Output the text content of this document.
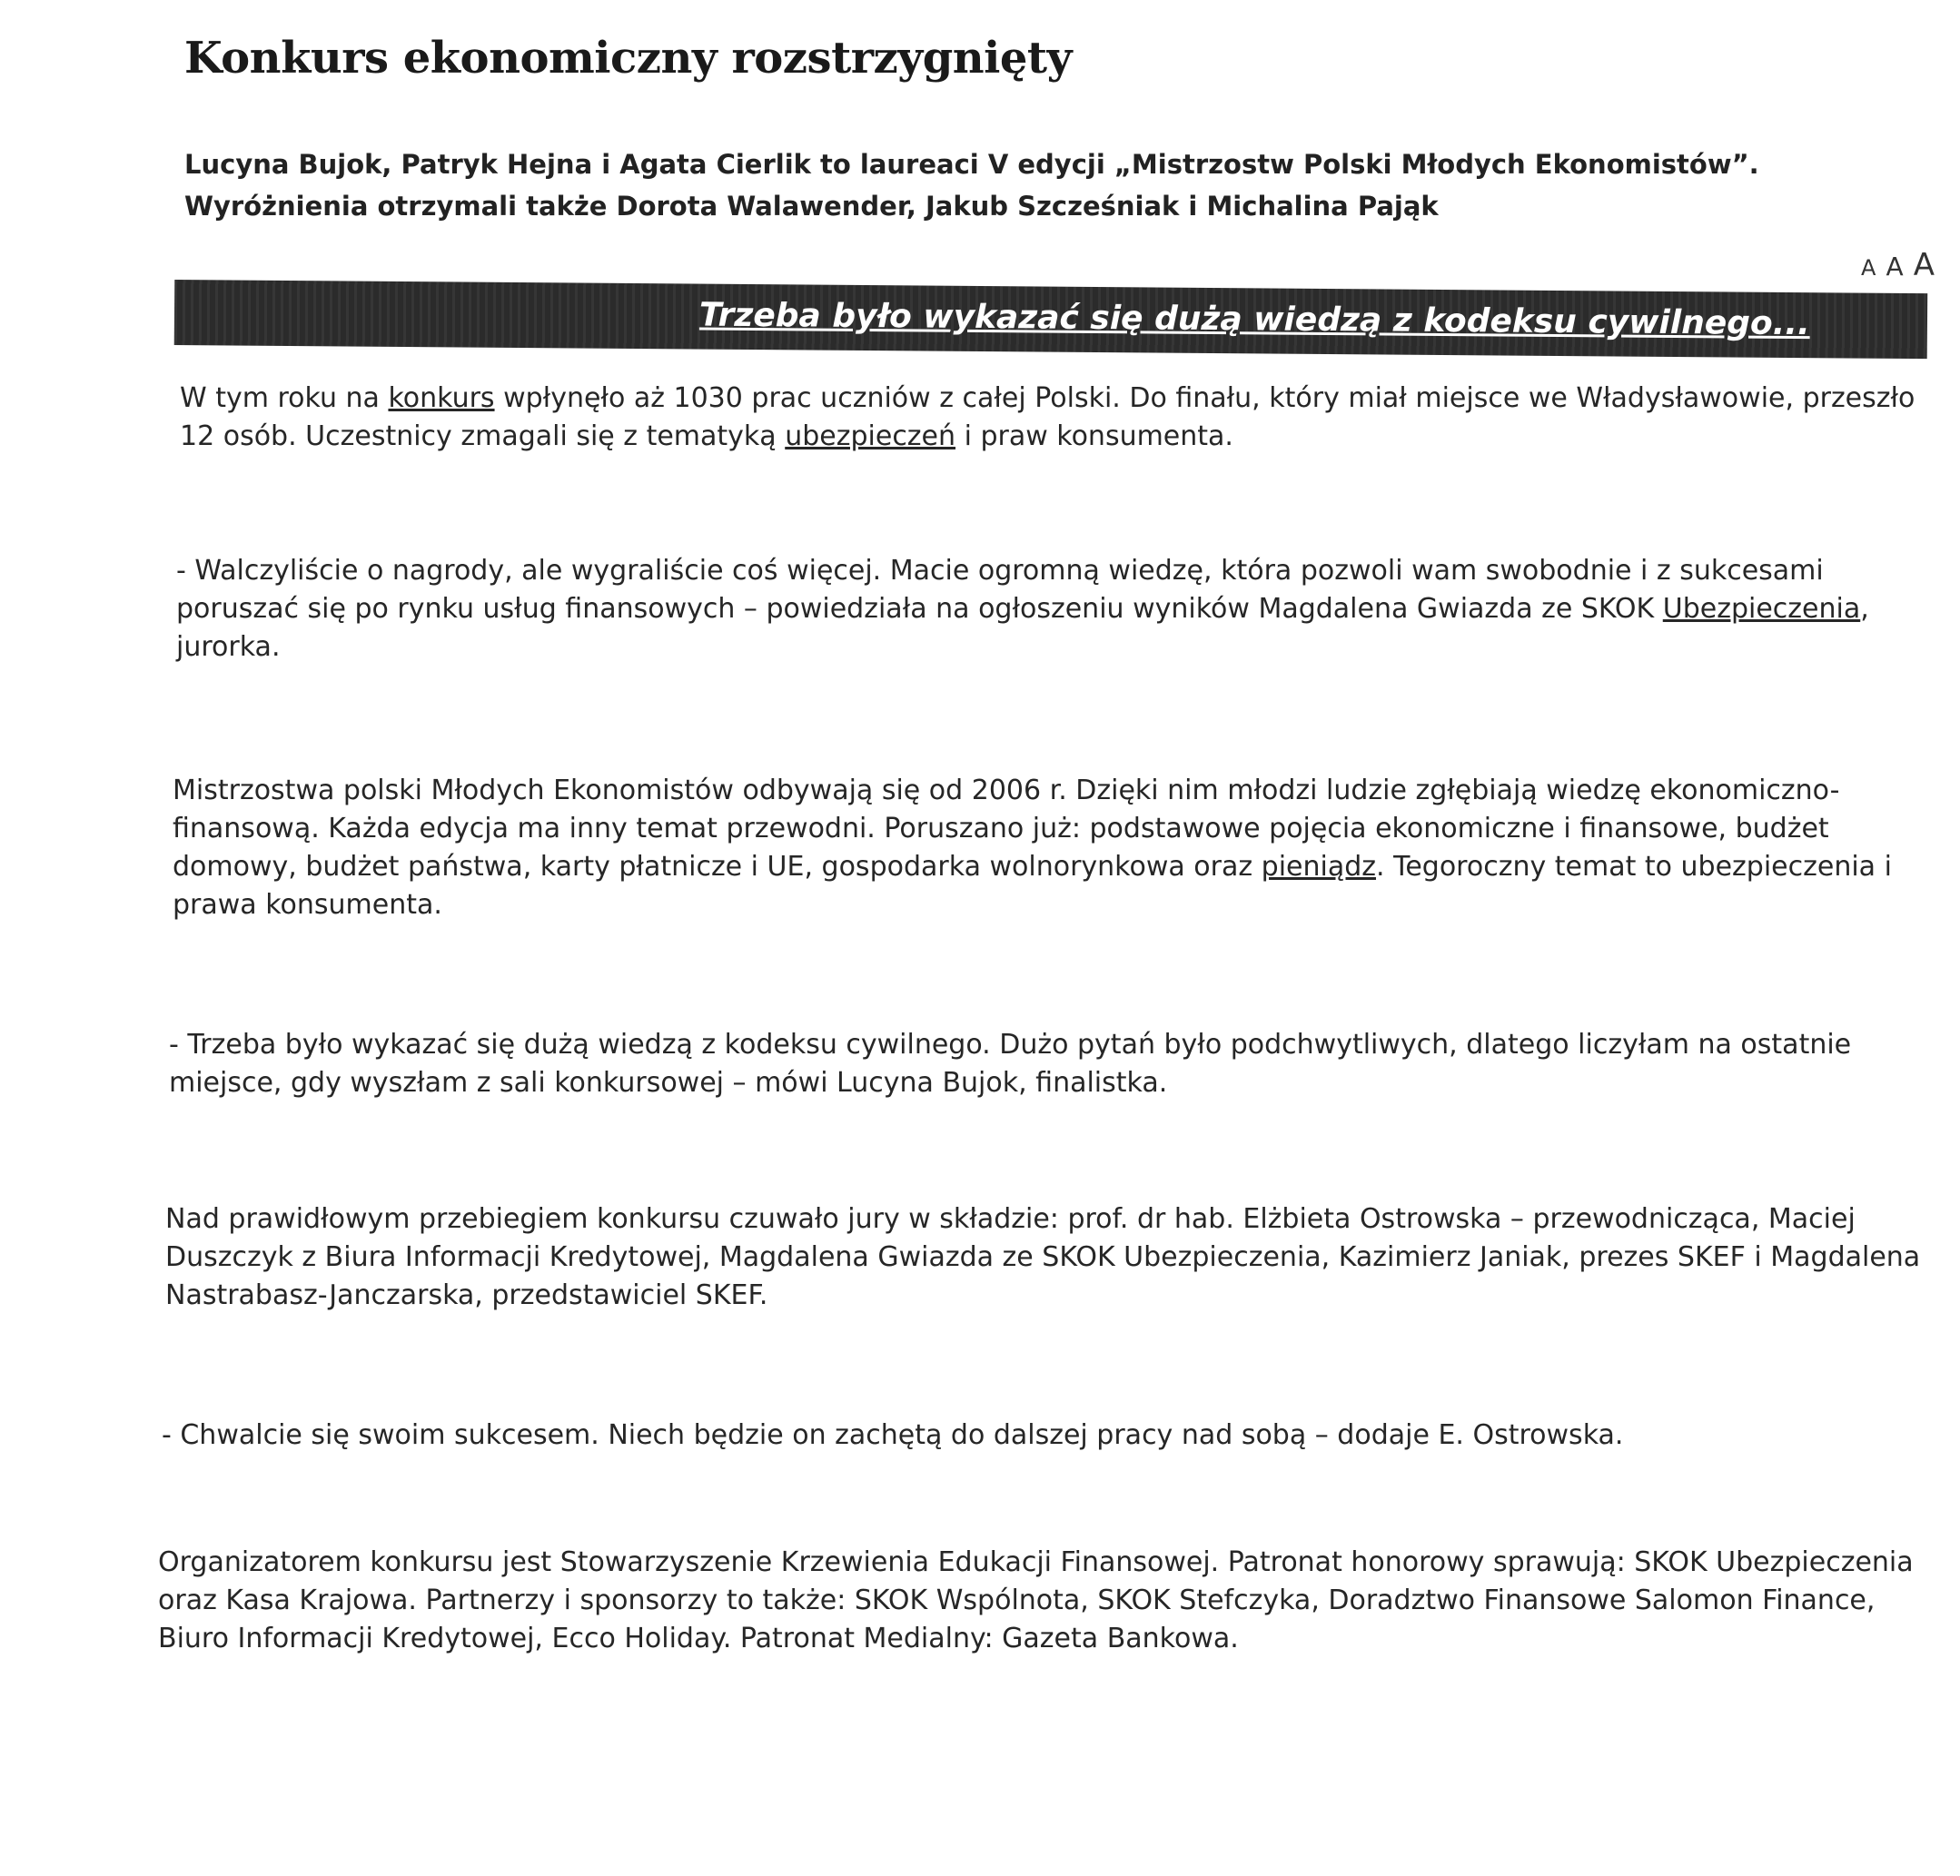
Konkurs ekonomiczny rozstrzygnięty

Lucyna Bujok, Patryk Hejna i Agata Cierlik to laureaci V edycji „Mistrzostw Polski Młodych Ekonomistów”. Wyróżnienia otrzymali także Dorota Walawender, Jakub Szcześniak i Michalina Pająk

A A A
Trzeba było wykazać się dużą wiedzą z kodeksu cywilnego...

W tym roku na konkurs wpłynęło aż 1030 prac uczniów z całej Polski. Do finału, który miał miejsce we Władysławowie, przeszło 12 osób. Uczestnicy zmagali się z tematyką ubezpieczeń i praw konsumenta.

- Walczyliście o nagrody, ale wygraliście coś więcej. Macie ogromną wiedzę, która pozwoli wam swobodnie i z sukcesami poruszać się po rynku usług finansowych – powiedziała na ogłoszeniu wyników Magdalena Gwiazda ze SKOK Ubezpieczenia, jurorka.

Mistrzostwa polski Młodych Ekonomistów odbywają się od 2006 r. Dzięki nim młodzi ludzie zgłębiają wiedzę ekonomiczno-finansową. Każda edycja ma inny temat przewodni. Poruszano już: podstawowe pojęcia ekonomiczne i finansowe, budżet domowy, budżet państwa, karty płatnicze i UE, gospodarka wolnorynkowa oraz pieniądz. Tegoroczny temat to ubezpieczenia i prawa konsumenta.

- Trzeba było wykazać się dużą wiedzą z kodeksu cywilnego. Dużo pytań było podchwytliwych, dlatego liczyłam na ostatnie miejsce, gdy wyszłam z sali konkursowej – mówi Lucyna Bujok, finalistka.

Nad prawidłowym przebiegiem konkursu czuwało jury w składzie: prof. dr hab. Elżbieta Ostrowska – przewodnicząca, Maciej Duszczyk z Biura Informacji Kredytowej, Magdalena Gwiazda ze SKOK Ubezpieczenia, Kazimierz Janiak, prezes SKEF i Magdalena Nastrabasz-Janczarska, przedstawiciel SKEF.

- Chwalcie się swoim sukcesem. Niech będzie on zachętą do dalszej pracy nad sobą – dodaje E. Ostrowska.

Organizatorem konkursu jest Stowarzyszenie Krzewienia Edukacji Finansowej. Patronat honorowy sprawują: SKOK Ubezpieczenia oraz Kasa Krajowa. Partnerzy i sponsorzy to także: SKOK Wspólnota, SKOK Stefczyka, Doradztwo Finansowe Salomon Finance, Biuro Informacji Kredytowej, Ecco Holiday. Patronat Medialny: Gazeta Bankowa.
